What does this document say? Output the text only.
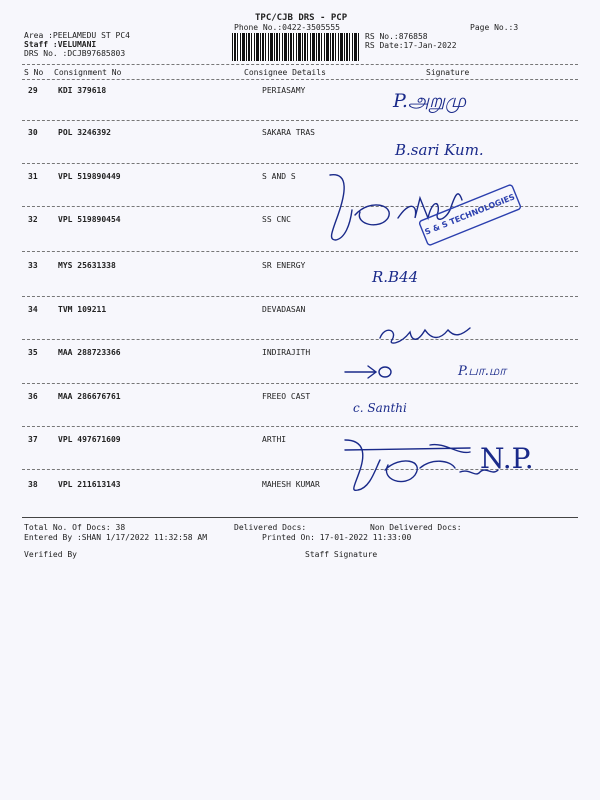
TPC/CJB DRS - PCP
Phone No.:0422-3505555	Page No.:3
Area :PEELAMEDU ST PC4
Staff :VELUMANI
DRS No. :DCJB97685803
RS No.:876858
RS Date:17-Jan-2022
S No Consignment No	Consignee Details	Signature
29	KDI 379618	PERIASAMY
30	POL 3246392	SAKARA TRAS
31	VPL 519890449	S AND S
32	VPL 519890454	SS CNC
33	MYS 25631338	SR ENERGY
34	TVM 109211	DEVADASAN
35	MAA 288723366	INDIRAJITH
36	MAA 286676761	FREEO CAST
37	VPL 497671609	ARTHI
38	VPL 211613143	MAHESH KUMAR
Total No. Of Docs: 38	Delivered Docs:	Non Delivered Docs:
Entered By :SHAN 1/17/2022 11:32:58 AM	Printed On: 17-01-2022 11:33:00
Verified By	Staff Signature
P.அறுமு
B.sari Kum.
R.B44
P.பா.மா
c. Santhi
N.P.
S & S TECHNOLOGIES
